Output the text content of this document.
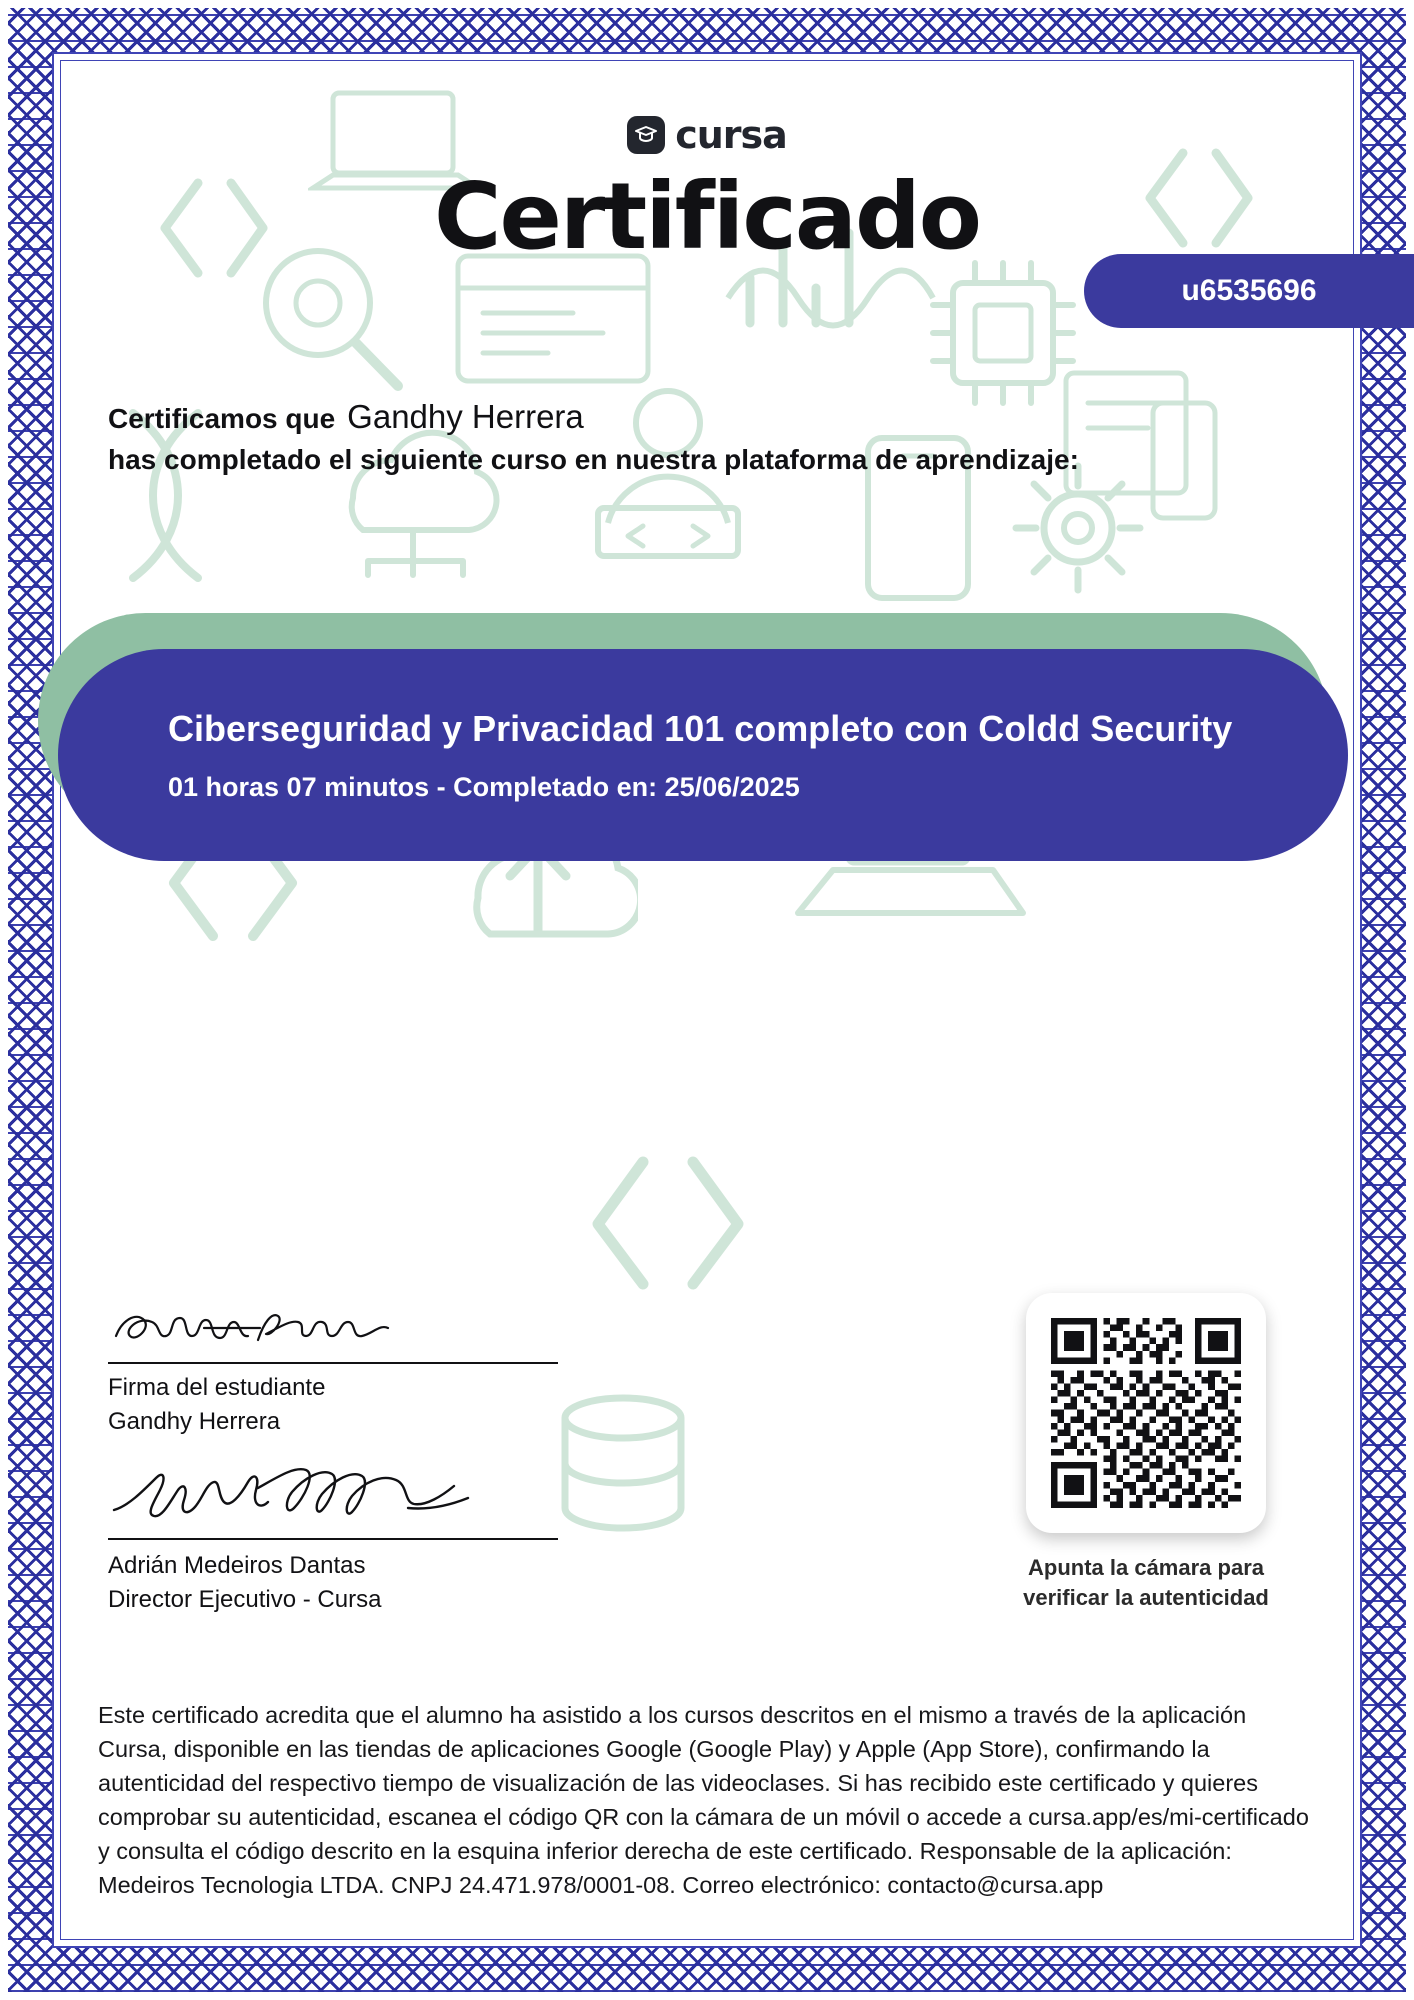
cursa
Certificado
u6535696
Certificamos que Gandhy Herrera
has completado el siguiente curso en nuestra plataforma de aprendizaje:
Ciberseguridad y Privacidad 101 completo con Coldd Security
01 horas 07 minutos - Completado en: 25/06/2025
Firma del estudiante
Gandhy Herrera
Adrián Medeiros Dantas
Director Ejecutivo - Cursa
Apunta la cámara para
verificar la autenticidad
Este certificado acredita que el alumno ha asistido a los cursos descritos en el mismo a través de la aplicación Cursa, disponible en las tiendas de aplicaciones Google (Google Play) y Apple (App Store), confirmando la autenticidad del respectivo tiempo de visualización de las videoclases. Si has recibido este certificado y quieres comprobar su autenticidad, escanea el código QR con la cámara de un móvil o accede a cursa.app/es/mi-certificado y consulta el código descrito en la esquina inferior derecha de este certificado. Responsable de la aplicación: Medeiros Tecnologia LTDA. CNPJ 24.471.978/0001-08. Correo electrónico: contacto@cursa.app
